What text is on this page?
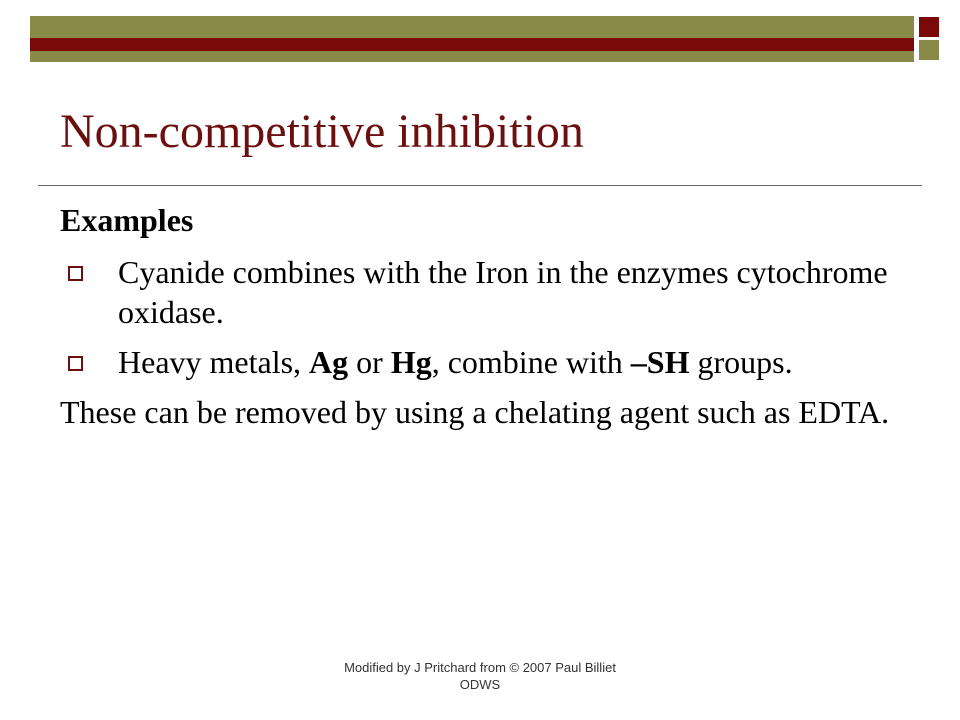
Non-competitive inhibition

Examples

Cyanide combines with the Iron in the enzymes cytochrome oxidase.

Heavy metals, Ag or Hg, combine with –SH groups.

These can be removed by using a chelating agent such as EDTA.

Modified by J Pritchard from © 2007 Paul Billiet
ODWS
